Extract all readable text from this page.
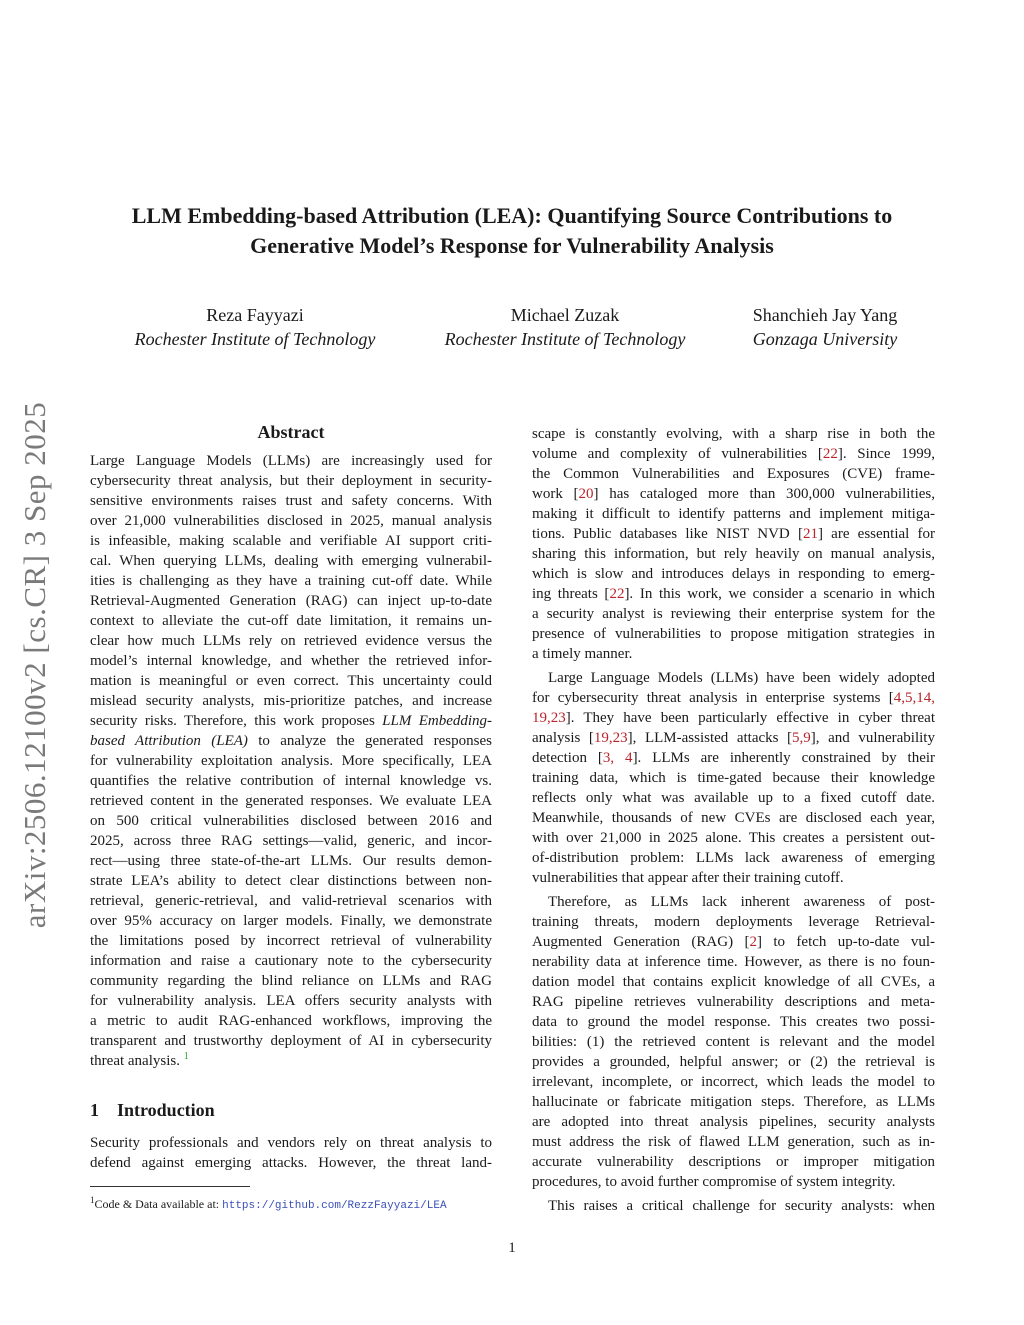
arXiv:2506.12100v2 [cs.CR] 3 Sep 2025
LLM Embedding-based Attribution (LEA): Quantifying Source Contributions to
Generative Model’s Response for Vulnerability Analysis
Reza Fayyazi
Rochester Institute of Technology
Michael Zuzak
Rochester Institute of Technology
Shanchieh Jay Yang
Gonzaga University
Abstract
Large Language Models (LLMs) are increasingly used for
cybersecurity threat analysis, but their deployment in security-
sensitive environments raises trust and safety concerns. With
over 21,000 vulnerabilities disclosed in 2025, manual analysis
is infeasible, making scalable and verifiable AI support criti-
cal. When querying LLMs, dealing with emerging vulnerabil-
ities is challenging as they have a training cut-off date. While
Retrieval-Augmented Generation (RAG) can inject up-to-date
context to alleviate the cut-off date limitation, it remains un-
clear how much LLMs rely on retrieved evidence versus the
model’s internal knowledge, and whether the retrieved infor-
mation is meaningful or even correct. This uncertainty could
mislead security analysts, mis-prioritize patches, and increase
security risks. Therefore, this work proposes LLM Embedding-
based Attribution (LEA) to analyze the generated responses
for vulnerability exploitation analysis. More specifically, LEA
quantifies the relative contribution of internal knowledge vs.
retrieved content in the generated responses. We evaluate LEA
on 500 critical vulnerabilities disclosed between 2016 and
2025, across three RAG settings—valid, generic, and incor-
rect—using three state-of-the-art LLMs. Our results demon-
strate LEA’s ability to detect clear distinctions between non-
retrieval, generic-retrieval, and valid-retrieval scenarios with
over 95% accuracy on larger models. Finally, we demonstrate
the limitations posed by incorrect retrieval of vulnerability
information and raise a cautionary note to the cybersecurity
community regarding the blind reliance on LLMs and RAG
for vulnerability analysis. LEA offers security analysts with
a metric to audit RAG-enhanced workflows, improving the
transparent and trustworthy deployment of AI in cybersecurity
threat analysis. $^1$
1 Introduction
Security professionals and vendors rely on threat analysis to
defend against emerging attacks. However, the threat land-
scape is constantly evolving, with a sharp rise in both the
volume and complexity of vulnerabilities [22]. Since 1999,
the Common Vulnerabilities and Exposures (CVE) frame-
work [20] has cataloged more than 300,000 vulnerabilities,
making it difficult to identify patterns and implement mitiga-
tions. Public databases like NIST NVD [21] are essential for
sharing this information, but rely heavily on manual analysis,
which is slow and introduces delays in responding to emerg-
ing threats [22]. In this work, we consider a scenario in which
a security analyst is reviewing their enterprise system for the
presence of vulnerabilities to propose mitigation strategies in
a timely manner.
Large Language Models (LLMs) have been widely adopted
for cybersecurity threat analysis in enterprise systems [4,5,14,
19,23]. They have been particularly effective in cyber threat
analysis [19,23], LLM-assisted attacks [5,9], and vulnerability
detection [3, 4]. LLMs are inherently constrained by their
training data, which is time-gated because their knowledge
reflects only what was available up to a fixed cutoff date.
Meanwhile, thousands of new CVEs are disclosed each year,
with over 21,000 in 2025 alone. This creates a persistent out-
of-distribution problem: LLMs lack awareness of emerging
vulnerabilities that appear after their training cutoff.
Therefore, as LLMs lack inherent awareness of post-
training threats, modern deployments leverage Retrieval-
Augmented Generation (RAG) [2] to fetch up-to-date vul-
nerability data at inference time. However, as there is no foun-
dation model that contains explicit knowledge of all CVEs, a
RAG pipeline retrieves vulnerability descriptions and meta-
data to ground the model response. This creates two possi-
bilities: (1) the retrieved content is relevant and the model
provides a grounded, helpful answer; or (2) the retrieval is
irrelevant, incomplete, or incorrect, which leads the model to
hallucinate or fabricate mitigation steps. Therefore, as LLMs
are adopted into threat analysis pipelines, security analysts
must address the risk of flawed LLM generation, such as in-
accurate vulnerability descriptions or improper mitigation
procedures, to avoid further compromise of system integrity.
This raises a critical challenge for security analysts: when
$^1$Code & Data available at: https://github.com/RezzFayyazi/LEA
1
